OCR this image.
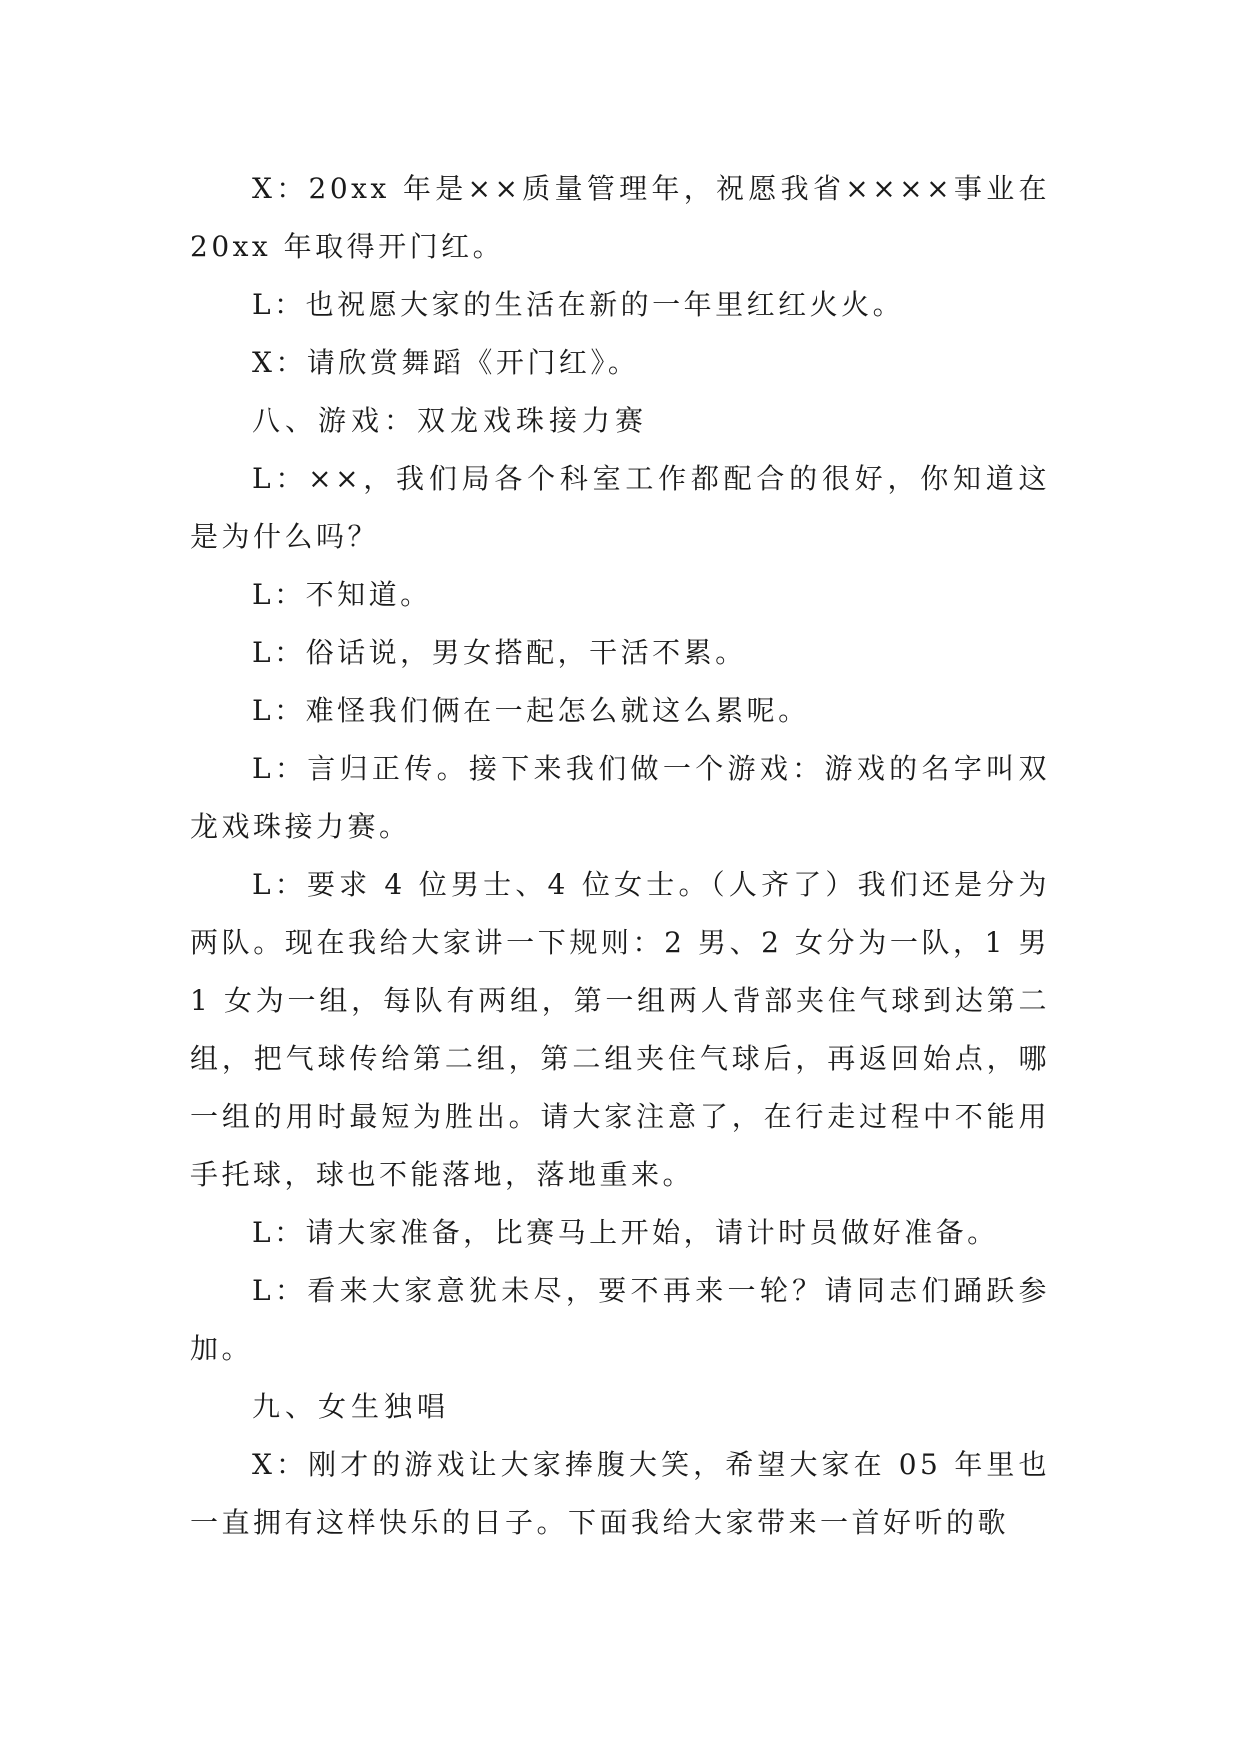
X：20xx 年是××质量管理年，祝愿我省××××事业在 20xx 年取得开门红。

L：也祝愿大家的生活在新的一年里红红火火。

X：请欣赏舞蹈《开门红》。

八、游戏：双龙戏珠接力赛

L：××，我们局各个科室工作都配合的很好，你知道这是为什么吗？

L：不知道。

L：俗话说，男女搭配，干活不累。

L：难怪我们俩在一起怎么就这么累呢。

L：言归正传。接下来我们做一个游戏：游戏的名字叫双龙戏珠接力赛。

L：要求 4 位男士、4 位女士。（人齐了）我们还是分为两队。现在我给大家讲一下规则：2 男、2 女分为一队，1 男 1 女为一组，每队有两组，第一组两人背部夹住气球到达第二组，把气球传给第二组，第二组夹住气球后，再返回始点，哪一组的用时最短为胜出。请大家注意了，在行走过程中不能用手托球，球也不能落地，落地重来。

L：请大家准备，比赛马上开始，请计时员做好准备。

L：看来大家意犹未尽，要不再来一轮？请同志们踊跃参加。

九、女生独唱

X：刚才的游戏让大家捧腹大笑，希望大家在 05 年里也一直拥有这样快乐的日子。下面我给大家带来一首好听的歌
